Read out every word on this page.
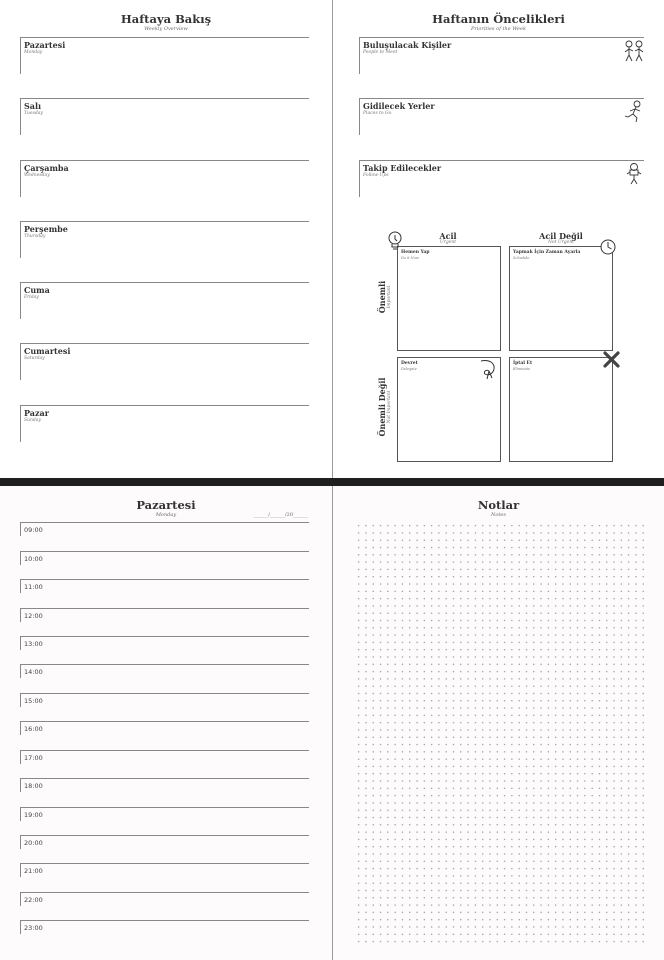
Haftaya Bakış
Weekly Overview
Pazartesi
Monday
Salı
Tuesday
Çarşamba
Wednesday
Perşembe
Thursday
Cuma
Friday
Cumartesi
Saturday
Pazar
Sunday
Haftanın Öncelikleri
Priorities of the Week
Buluşulacak Kişiler
People to Meet
Gidilecek Yerler
Places to Go
Takip Edilecekler
Follow-Ups
Acil
Urgent
Acil Değil
Not Urgent
Önemli Important
Önemli Değil Not Important
Hemen Yap
Do it Now
Yapmak İçin Zaman Ayarla
Schedule
Devret
Delegate
İptal Et
Eliminate
Pazartesi
Monday	______/______/20______
09:00
10:00
11:00
12:00
13:00
14:00
15:00
16:00
17:00
18:00
19:00
20:00
21:00
22:00
23:00
Notlar
Notes
